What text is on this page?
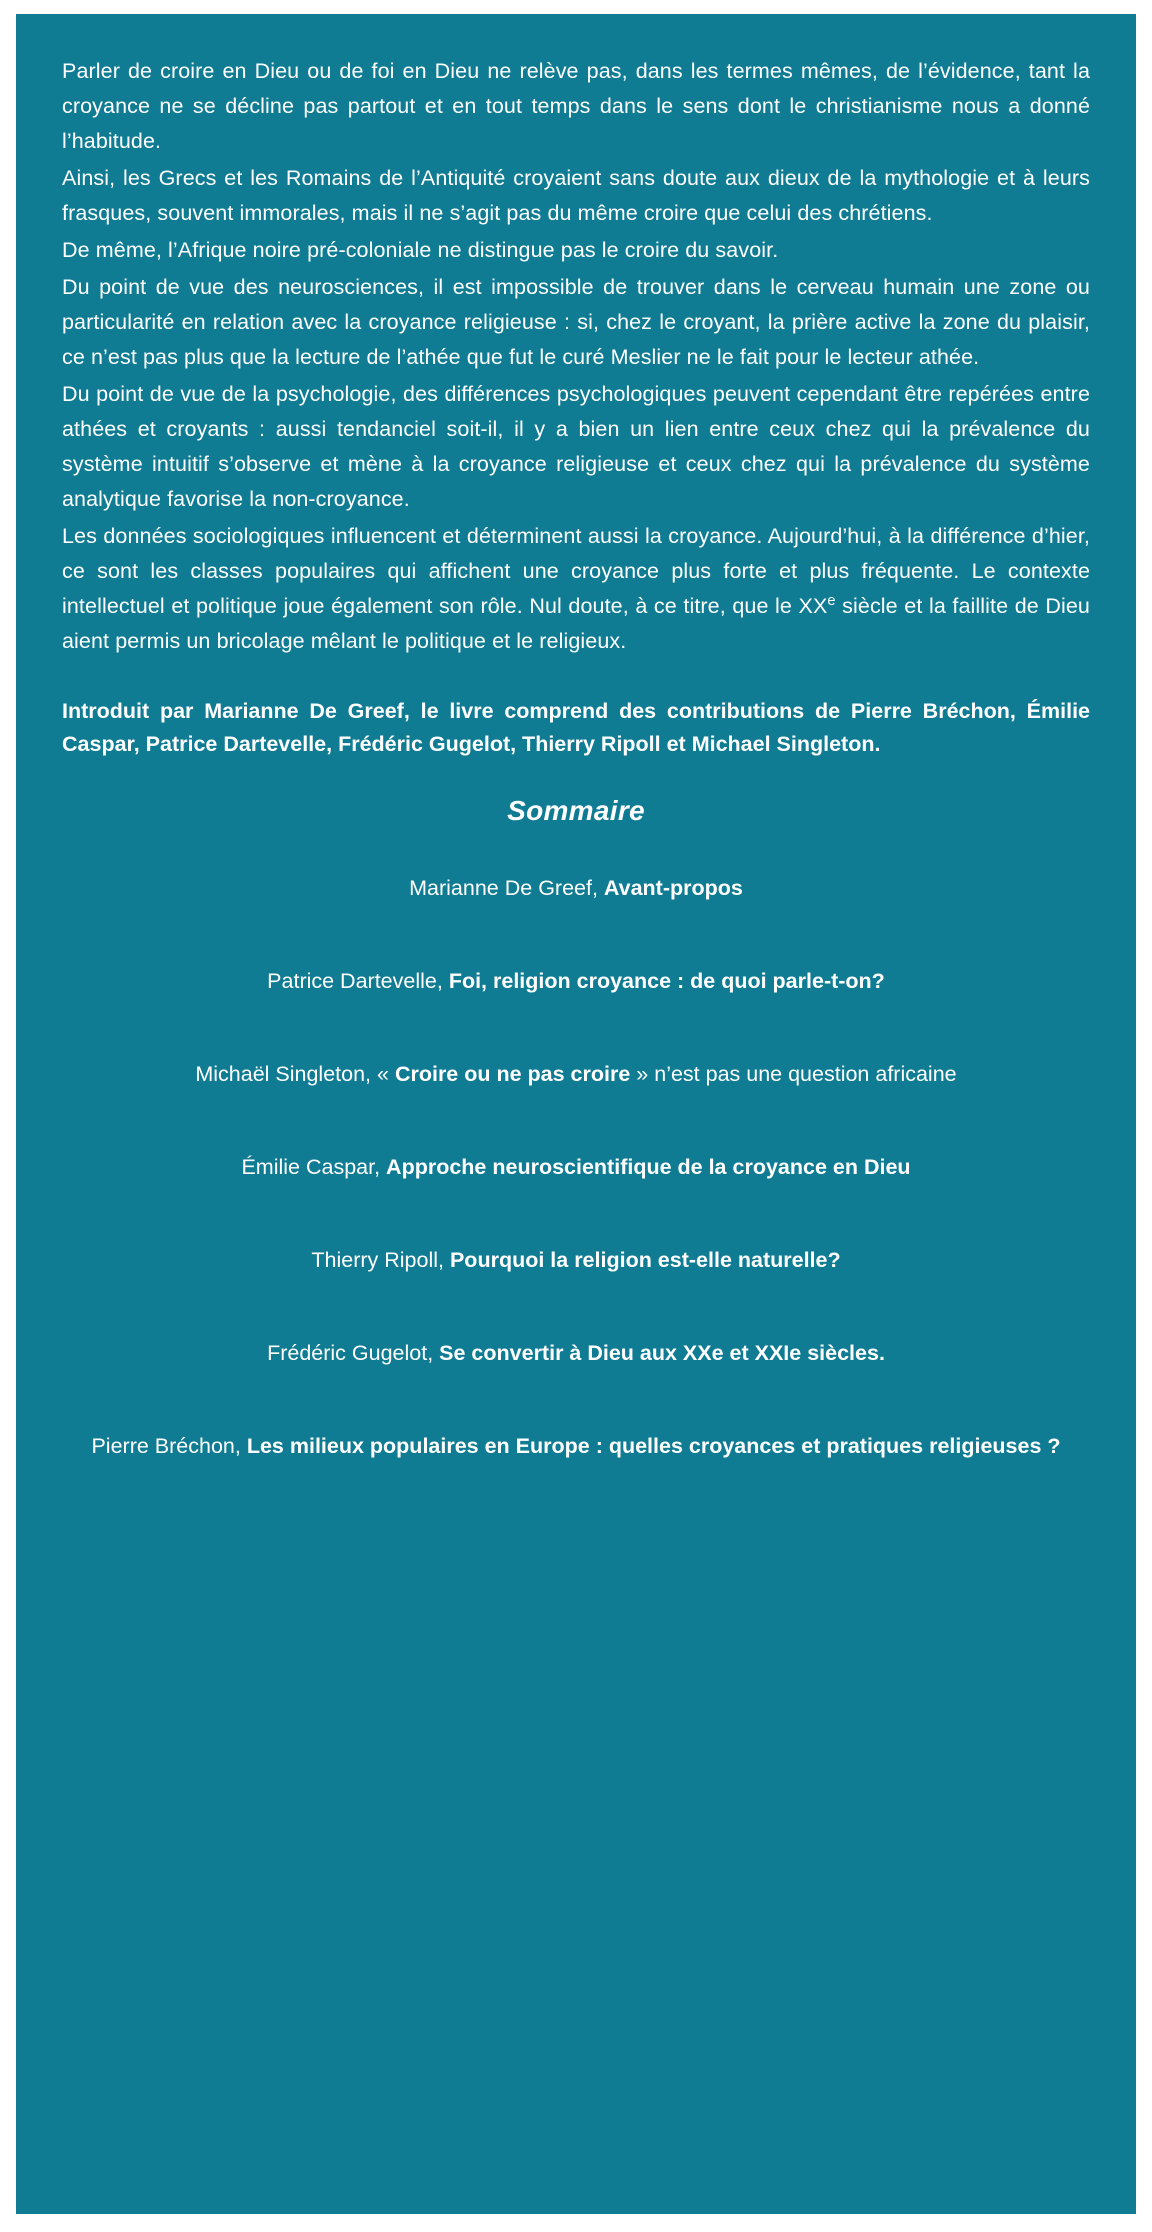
Parler de croire en Dieu ou de foi en Dieu ne relève pas, dans les termes mêmes, de l’évidence, tant la croyance ne se décline pas partout et en tout temps dans le sens dont le christianisme nous a donné l’habitude.

Ainsi, les Grecs et les Romains de l’Antiquité croyaient sans doute aux dieux de la mythologie et à leurs frasques, souvent immorales, mais il ne s’agit pas du même croire que celui des chrétiens.

De même, l’Afrique noire pré-coloniale ne distingue pas le croire du savoir.

Du point de vue des neurosciences, il est impossible de trouver dans le cerveau humain une zone ou particularité en relation avec la croyance religieuse : si, chez le croyant, la prière active la zone du plaisir, ce n’est pas plus que la lecture de l’athée que fut le curé Meslier ne le fait pour le lecteur athée.

Du point de vue de la psychologie, des différences psychologiques peuvent cependant être repérées entre athées et croyants : aussi tendanciel soit-il, il y a bien un lien entre ceux chez qui la prévalence du système intuitif s’observe et mène à la croyance religieuse et ceux chez qui la prévalence du système analytique favorise la non-croyance.

Les données sociologiques influencent et déterminent aussi la croyance. Aujourd’hui, à la différence d’hier, ce sont les classes populaires qui affichent une croyance plus forte et plus fréquente. Le contexte intellectuel et politique joue également son rôle. Nul doute, à ce titre, que le XXe siècle et la faillite de Dieu aient permis un bricolage mêlant le politique et le religieux.

Introduit par Marianne De Greef, le livre comprend des contributions de Pierre Bréchon, Émilie Caspar, Patrice Dartevelle, Frédéric Gugelot, Thierry Ripoll et Michael Singleton.
Sommaire
Marianne De Greef, Avant-propos
Patrice Dartevelle, Foi, religion croyance : de quoi parle-t-on?
Michaël Singleton, « Croire ou ne pas croire » n’est pas une question africaine
Émilie Caspar, Approche neuroscientifique de la croyance en Dieu
Thierry Ripoll, Pourquoi la religion est-elle naturelle?
Frédéric Gugelot, Se convertir à Dieu aux XXe et XXIe siècles.
Pierre Bréchon, Les milieux populaires en Europe : quelles croyances et pratiques religieuses ?
